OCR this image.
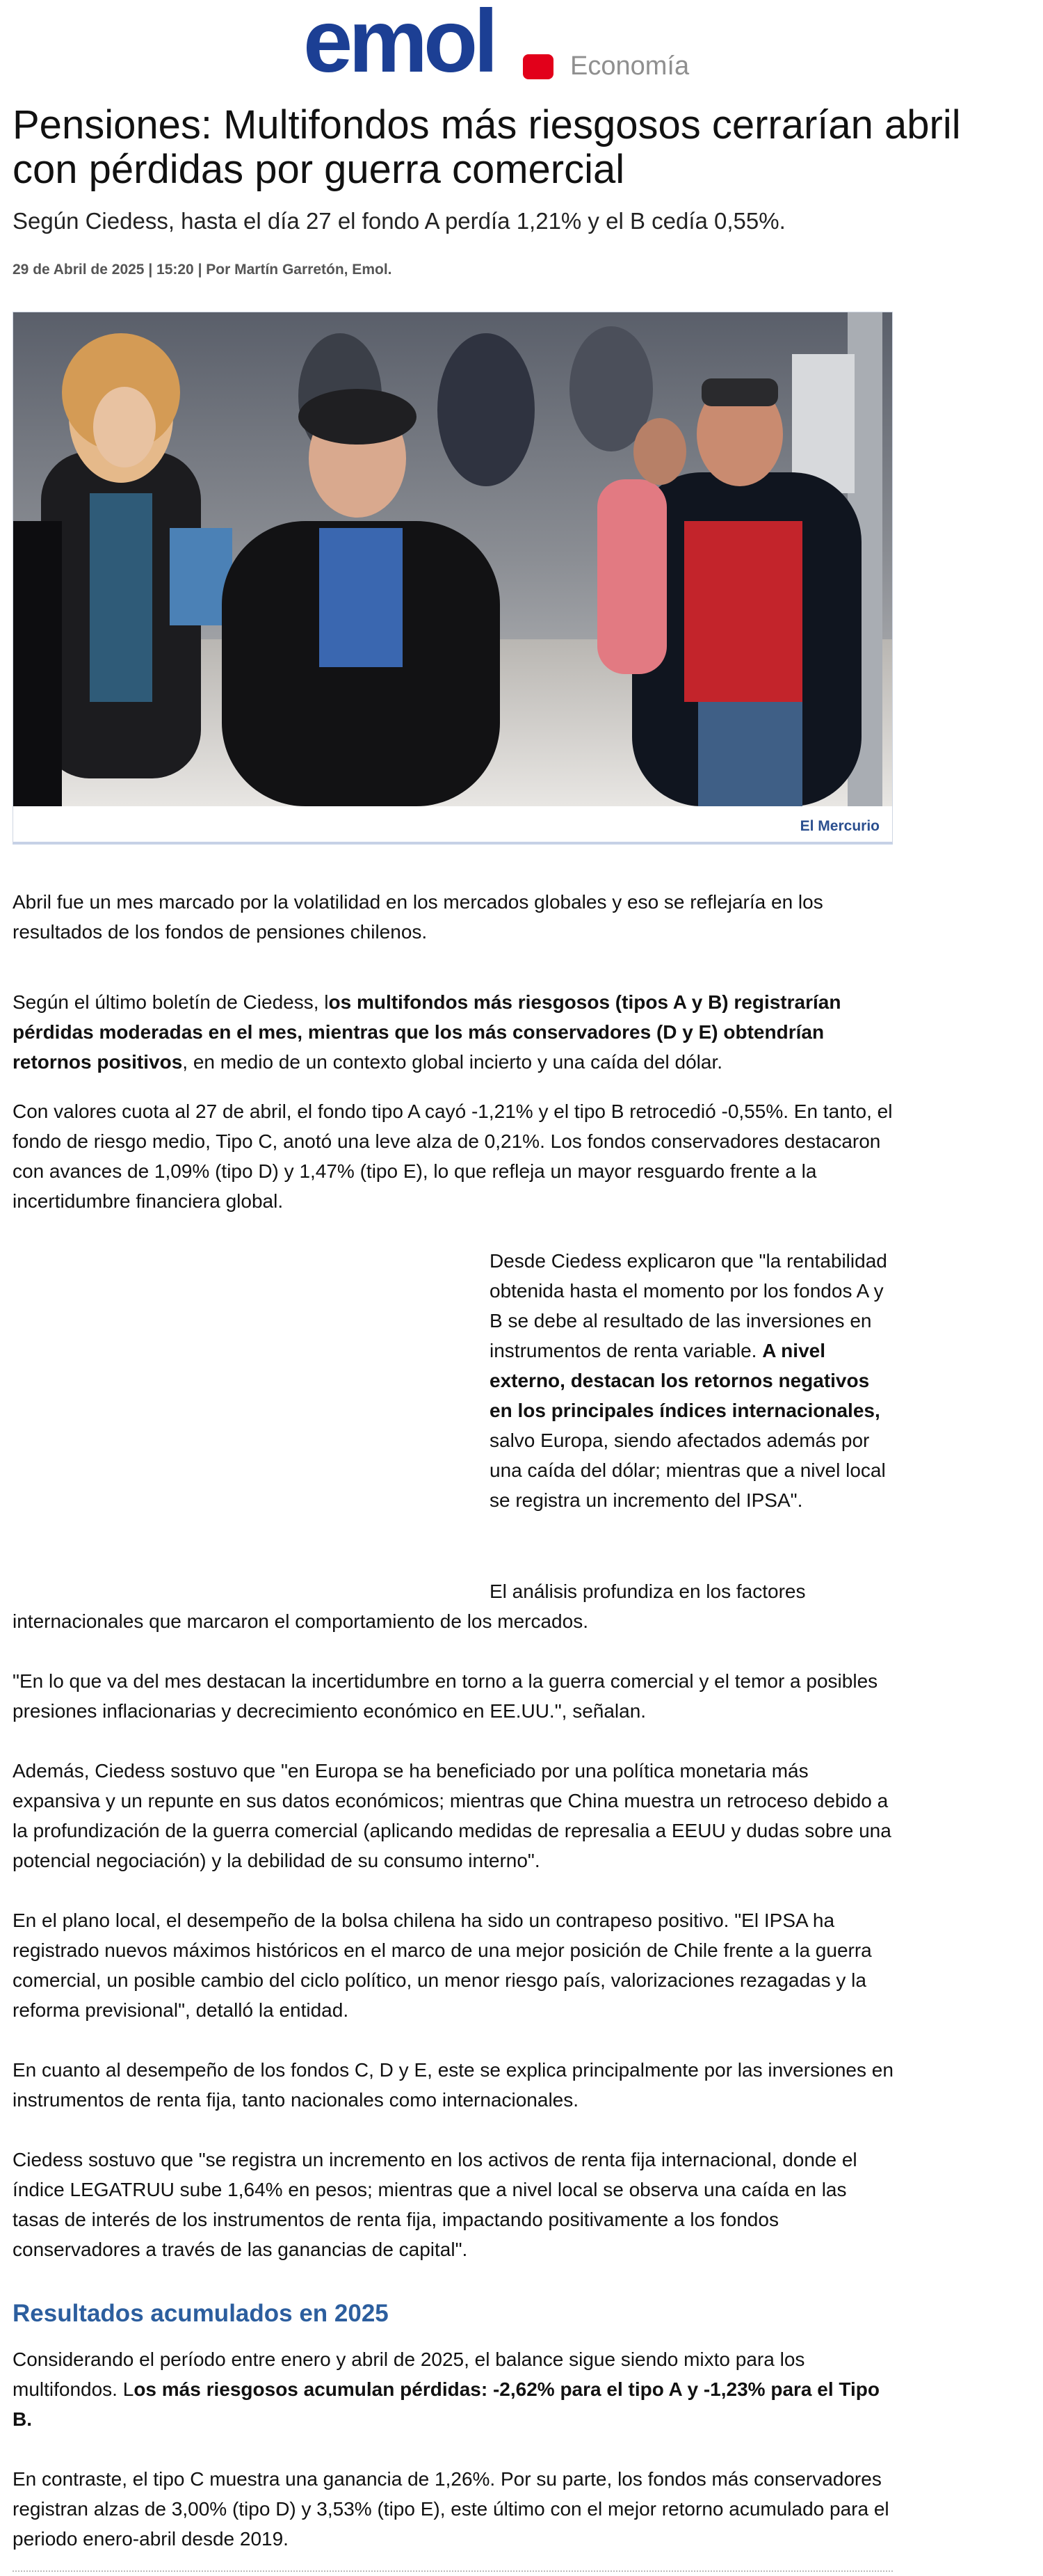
emol	Economía
Pensiones: Multifondos más riesgosos cerrarían abril con pérdidas por guerra comercial

Según Ciedess, hasta el día 27 el fondo A perdía 1,21% y el B cedía 0,55%.

29 de Abril de 2025 | 15:20 | Por Martín Garretón, Emol.
El Mercurio

Abril fue un mes marcado por la volatilidad en los mercados globales y eso se reflejaría en los resultados de los fondos de pensiones chilenos.

Según el último boletín de Ciedess, los multifondos más riesgosos (tipos A y B) registrarían pérdidas moderadas en el mes, mientras que los más conservadores (D y E) obtendrían retornos positivos, en medio de un contexto global incierto y una caída del dólar.

Con valores cuota al 27 de abril, el fondo tipo A cayó -1,21% y el tipo B retrocedió -0,55%. En tanto, el fondo de riesgo medio, Tipo C, anotó una leve alza de 0,21%. Los fondos conservadores destacaron con avances de 1,09% (tipo D) y 1,47% (tipo E), lo que refleja un mayor resguardo frente a la incertidumbre financiera global.

Desde Ciedess explicaron que "la rentabilidad obtenida hasta el momento por los fondos A y B se debe al resultado de las inversiones en instrumentos de renta variable. A nivel externo, destacan los retornos negativos en los principales índices internacionales, salvo Europa, siendo afectados además por una caída del dólar; mientras que a nivel local se registra un incremento del IPSA".

El análisis profundiza en los factores

internacionales que marcaron el comportamiento de los mercados.

"En lo que va del mes destacan la incertidumbre en torno a la guerra comercial y el temor a posibles presiones inflacionarias y decrecimiento económico en EE.UU.", señalan.

Además, Ciedess sostuvo que "en Europa se ha beneficiado por una política monetaria más expansiva y un repunte en sus datos económicos; mientras que China muestra un retroceso debido a la profundización de la guerra comercial (aplicando medidas de represalia a EEUU y dudas sobre una potencial negociación) y la debilidad de su consumo interno".

En el plano local, el desempeño de la bolsa chilena ha sido un contrapeso positivo. "El IPSA ha registrado nuevos máximos históricos en el marco de una mejor posición de Chile frente a la guerra comercial, un posible cambio del ciclo político, un menor riesgo país, valorizaciones rezagadas y la reforma previsional", detalló la entidad.

En cuanto al desempeño de los fondos C, D y E, este se explica principalmente por las inversiones en instrumentos de renta fija, tanto nacionales como internacionales.

Ciedess sostuvo que "se registra un incremento en los activos de renta fija internacional, donde el índice LEGATRUU sube 1,64% en pesos; mientras que a nivel local se observa una caída en las tasas de interés de los instrumentos de renta fija, impactando positivamente a los fondos conservadores a través de las ganancias de capital".

Resultados acumulados en 2025

Considerando el período entre enero y abril de 2025, el balance sigue siendo mixto para los multifondos. Los más riesgosos acumulan pérdidas: -2,62% para el tipo A y -1,23% para el Tipo B.

En contraste, el tipo C muestra una ganancia de 1,26%. Por su parte, los fondos más conservadores registran alzas de 3,00% (tipo D) y 3,53% (tipo E), este último con el mejor retorno acumulado para el periodo enero-abril desde 2019.
